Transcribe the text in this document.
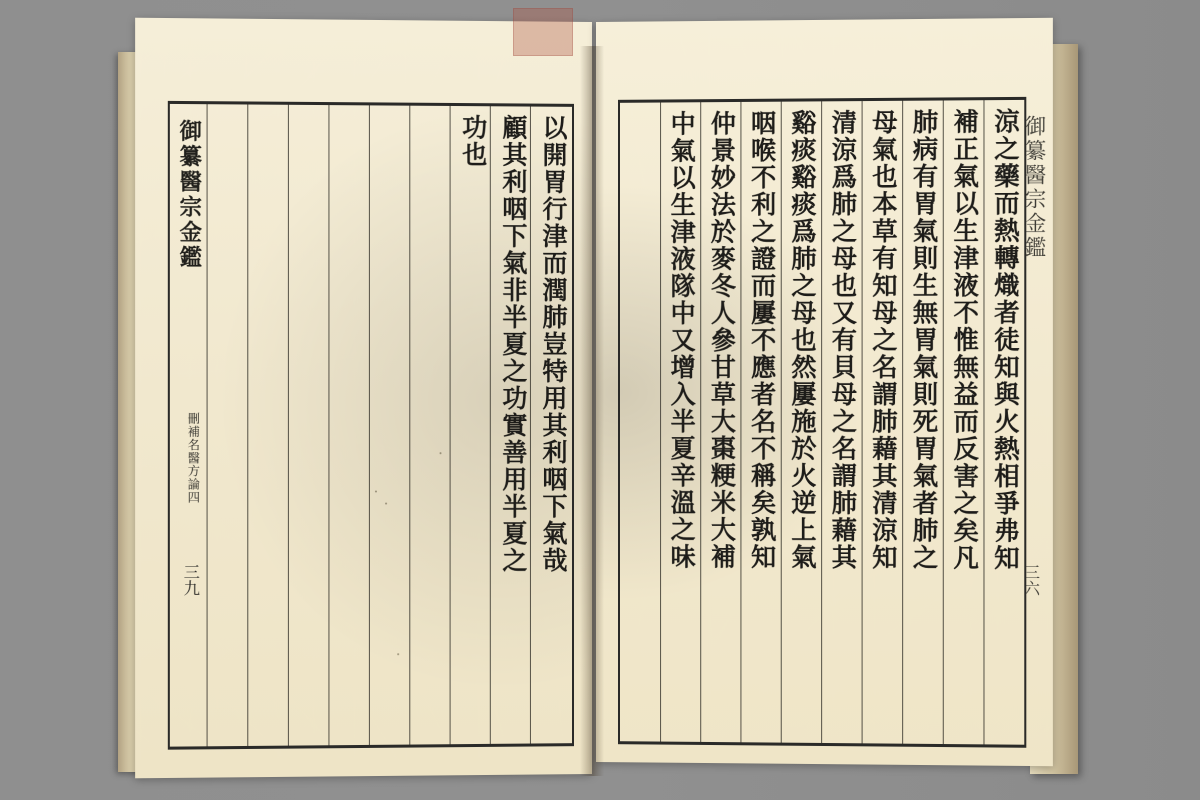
御纂醫宗金鑑
刪補名醫方論四
三九
以開胃行津而潤肺豈特用其利咽下氣哉
顧其利咽下氣非半夏之功實善用半夏之
功也	御纂醫宗金鑑
三六
涼之藥而熱轉熾者徒知與火熱相爭弗知
補正氣以生津液不惟無益而反害之矣凡
肺病有胃氣則生無胃氣則死胃氣者肺之
母氣也本草有知母之名謂肺藉其清涼知
清涼爲肺之母也又有貝母之名謂肺藉其
谿痰谿痰爲肺之母也然屢施於火逆上氣
咽喉不利之證而屢不應者名不稱矣孰知
仲景妙法於麥冬人參甘草大棗粳米大補
中氣以生津液隊中又增入半夏辛溫之味
